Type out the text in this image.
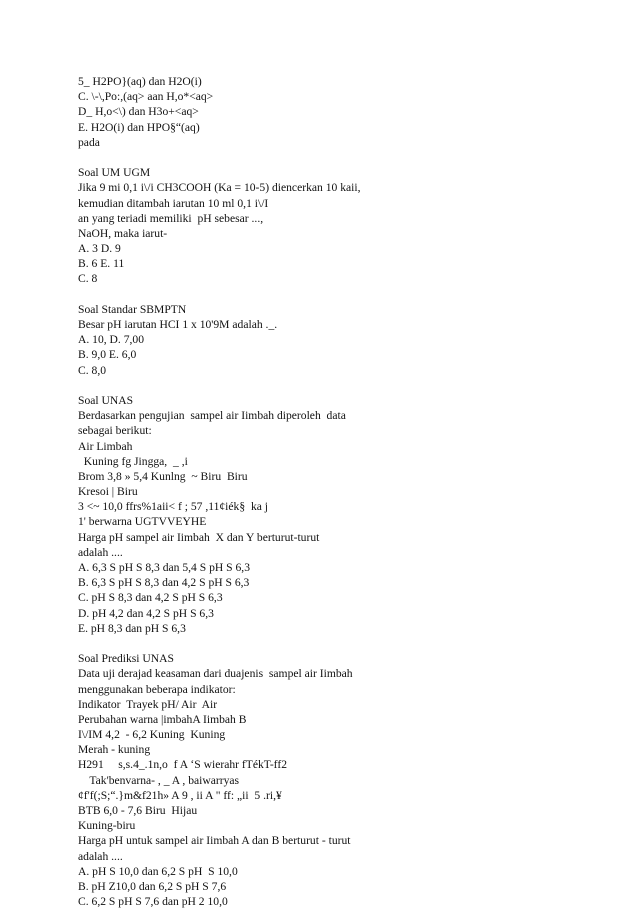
5_ H2PO}(aq) dan H2O(i)
C. \-\,Po:,(aq> aan H,o*<aq>
D_ H,o<\) dan H3o+<aq>
E. H2O(i) dan HPO§“(aq)
pada
Soal UM UGM
Jika 9 mi 0,1 i\/i CH3COOH (Ka = 10-5) diencerkan 10 kaii,
kemudian ditambah iarutan 10 ml 0,1 i\/I
an yang teriadi memiliki  pH sebesar ...,
NaOH, maka iarut-
A. 3 D. 9
B. 6 E. 11
C. 8
Soal Standar SBMPTN
Besar pH iarutan HCI 1 x 10'9M adalah ._.
A. 10, D. 7,00
B. 9,0 E. 6,0
C. 8,0
Soal UNAS
Berdasarkan pengujian  sampel air Iimbah diperoleh  data
sebagai berikut:
Air Limbah
Kuning fg Jingga,  _ ,i
Brom 3,8 » 5,4 Kunlng  ~ Biru  Biru
Kresoi | Biru
3 <~ 10,0 ffrs%1aii< f ; 57 ,11¢iék§  ka j
1' berwarna UGTVVEYHE
Harga pH sampel air Iimbah  X dan Y berturut-turut
adalah ....
A. 6,3 S pH S 8,3 dan 5,4 S pH S 6,3
B. 6,3 S pH S 8,3 dan 4,2 S pH S 6,3
C. pH S 8,3 dan 4,2 S pH S 6,3
D. pH 4,2 dan 4,2 S pH S 6,3
E. pH 8,3 dan pH S 6,3
Soal Prediksi UNAS
Data uji derajad keasaman dari duajenis  sampel air Iimbah
menggunakan beberapa indikator:
Indikator  Trayek pH/ Air  Air
Perubahan warna |imbahA Iimbah B
I\/IM 4,2  - 6,2 Kuning  Kuning
Merah - kuning
H291     s,s.4_.1n,o  f A ‘S wierahr fTékT-ff2
Tak'benvarna- , _ A , baiwarryas
¢f'f(;S;“.}m&f21h» A 9 , ii A " ff: „ii  5 .ri,¥
BTB 6,0 - 7,6 Biru  Hijau
Kuning-biru
Harga pH untuk sampel air Iimbah A dan B berturut - turut
adalah ....
A. pH S 10,0 dan 6,2 S pH  S 10,0
B. pH Z10,0 dan 6,2 S pH S 7,6
C. 6,2 S pH S 7,6 dan pH 2 10,0
